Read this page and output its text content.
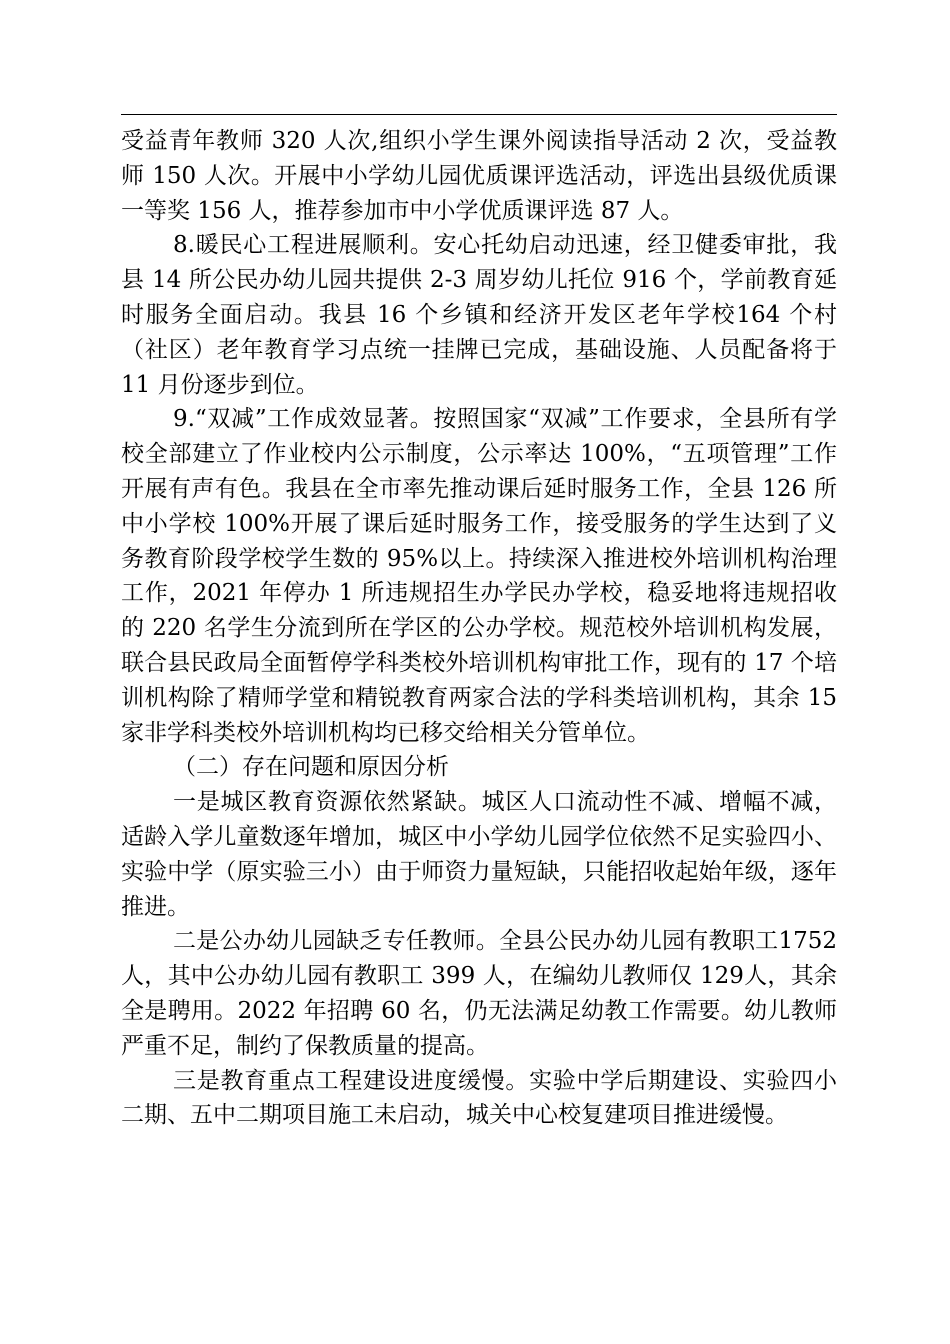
受益青年教师 320 人次,组织小学生课外阅读指导活动 2 次，受益教师 150 人次。开展中小学幼儿园优质课评选活动，评选出县级优质课一等奖 156 人，推荐参加市中小学优质课评选 87 人。

8.暖民心工程进展顺利。安心托幼启动迅速，经卫健委审批，我县 14 所公民办幼儿园共提供 2-3 周岁幼儿托位 916 个，学前教育延时服务全面启动。我县 16 个乡镇和经济开发区老年学校164 个村（社区）老年教育学习点统一挂牌已完成，基础设施、人员配备将于 11 月份逐步到位。

9.“双减”工作成效显著。按照国家“双减”工作要求，全县所有学校全部建立了作业校内公示制度，公示率达 100%，“五项管理”工作开展有声有色。我县在全市率先推动课后延时服务工作，全县 126 所中小学校 100%开展了课后延时服务工作，接受服务的学生达到了义务教育阶段学校学生数的 95%以上。持续深入推进校外培训机构治理工作，2021 年停办 1 所违规招生办学民办学校，稳妥地将违规招收的 220 名学生分流到所在学区的公办学校。规范校外培训机构发展，联合县民政局全面暂停学科类校外培训机构审批工作，现有的 17 个培训机构除了精师学堂和精锐教育两家合法的学科类培训机构，其余 15 家非学科类校外培训机构均已移交给相关分管单位。

（二）存在问题和原因分析

一是城区教育资源依然紧缺。城区人口流动性不减、增幅不减，适龄入学儿童数逐年增加，城区中小学幼儿园学位依然不足实验四小、实验中学（原实验三小）由于师资力量短缺，只能招收起始年级，逐年推进。

二是公办幼儿园缺乏专任教师。全县公民办幼儿园有教职工1752 人，其中公办幼儿园有教职工 399 人，在编幼儿教师仅 129人，其余全是聘用。2022 年招聘 60 名，仍无法满足幼教工作需要。幼儿教师严重不足，制约了保教质量的提高。

三是教育重点工程建设进度缓慢。实验中学后期建设、实验四小二期、五中二期项目施工未启动，城关中心校复建项目推进缓慢。
